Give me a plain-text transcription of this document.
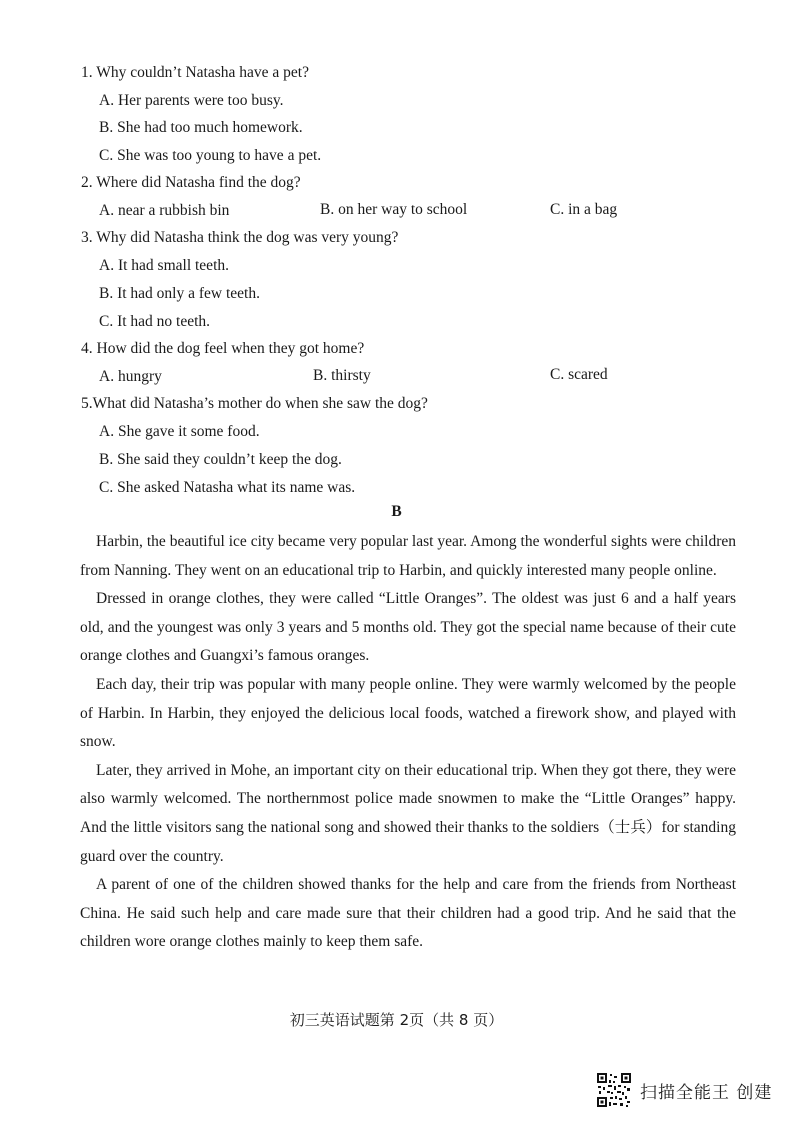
1. Why couldn’t Natasha have a pet?
A. Her parents were too busy.
B. She had too much homework.
C. She was too young to have a pet.
2. Where did Natasha find the dog?
A. near a rubbish bin	B. on her way to school	C. in a bag
3. Why did Natasha think the dog was very young?
A. It had small teeth.
B. It had only a few teeth.
C. It had no teeth.
4. How did the dog feel when they got home?
A. hungry	B. thirsty	C. scared
5.What did Natasha’s mother do when she saw the dog?
A. She gave it some food.
B. She said they couldn’t keep the dog.
C. She asked Natasha what its name was.
B

Harbin, the beautiful ice city became very popular last year. Among the wonderful sights were children from Nanning. They went on an educational trip to Harbin, and quickly interested many people online.

Dressed in orange clothes, they were called “Little Oranges”. The oldest was just 6 and a half years old, and the youngest was only 3 years and 5 months old. They got the special name because of their cute orange clothes and Guangxi’s famous oranges.

Each day, their trip was popular with many people online. They were warmly welcomed by the people of Harbin. In Harbin, they enjoyed the delicious local foods, watched a firework show, and played with snow.

Later, they arrived in Mohe, an important city on their educational trip. When they got there, they were also warmly welcomed. The northernmost police made snowmen to make the “Little Oranges” happy. And the little visitors sang the national song and showed their thanks to the soldiers（士兵）for standing guard over the country.

A parent of one of the children showed thanks for the help and care from the friends from Northeast China. He said such help and care made sure that their children had a good trip. And he said that the children wore orange clothes mainly to keep them safe.

初三英语试题第 2页（共 8 页）
扫描全能王 创建
